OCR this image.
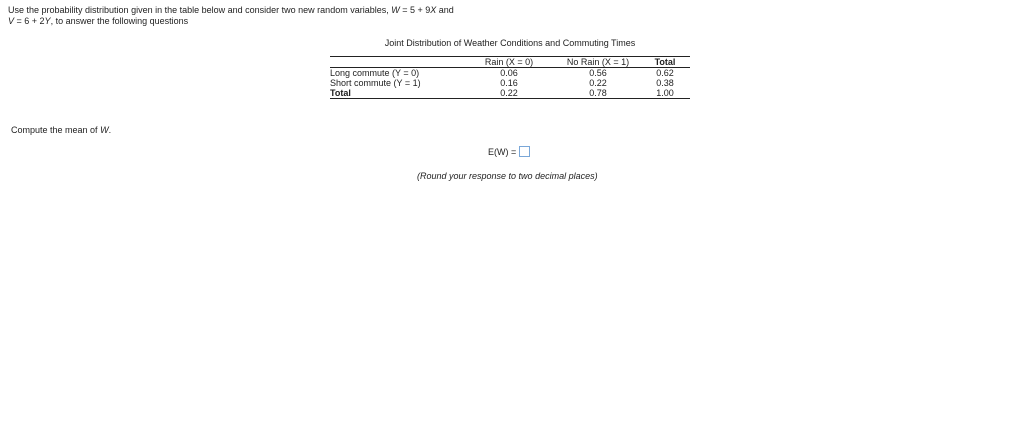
Use the probability distribution given in the table below and consider two new random variables, W = 5 + 9X and
V = 6 + 2Y, to answer the following questions
Joint Distribution of Weather Conditions and Commuting Times
	Rain (X = 0)	No Rain (X = 1)	Total
Long commute (Y = 0)	0.06	0.56	0.62
Short commute (Y = 1)	0.16	0.22	0.38
Total	0.22	0.78	1.00
Compute the mean of W.
E(W) =
(Round your response to two decimal places)
